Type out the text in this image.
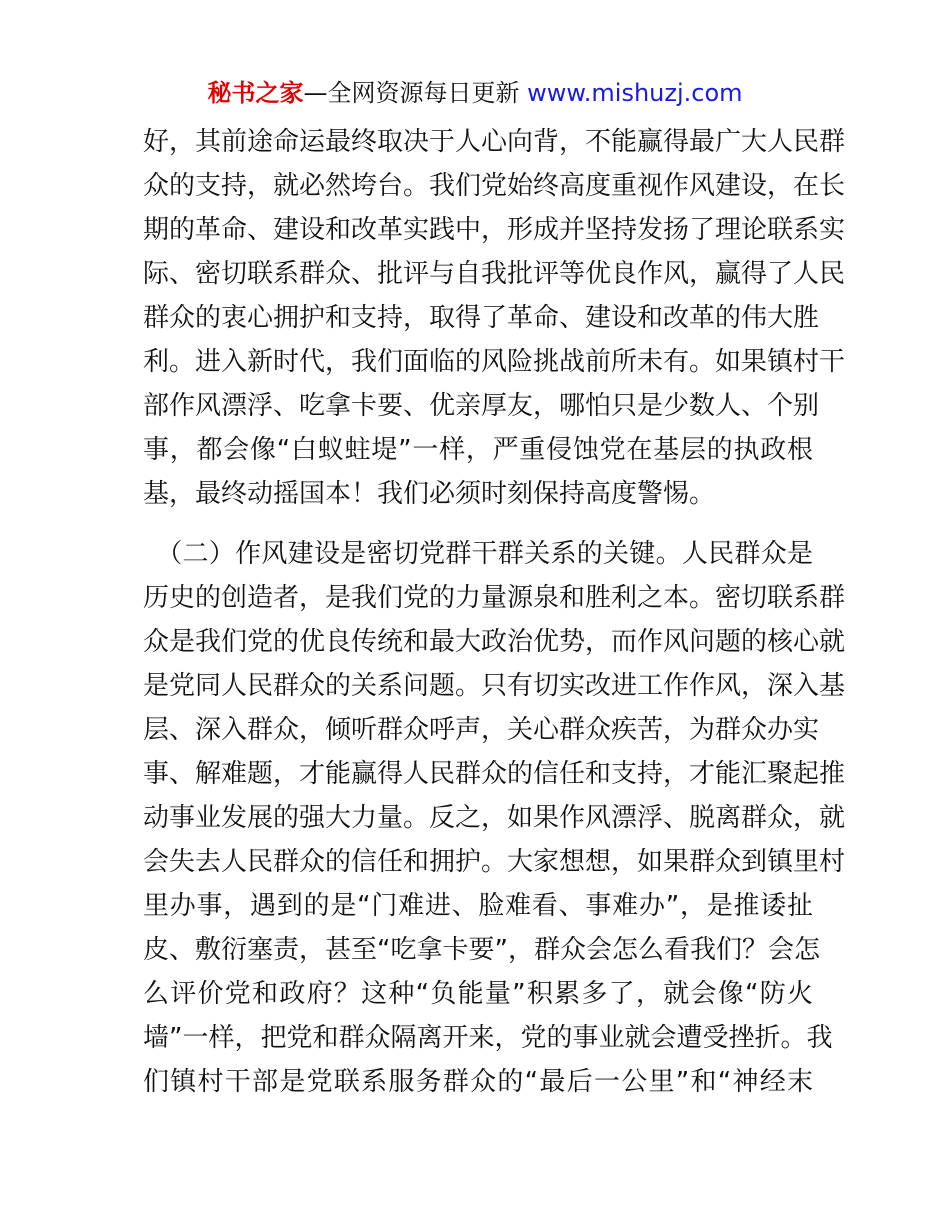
秘书之家—全网资源每日更新 www.mishuzj.com
好，其前途命运最终取决于人心向背，不能赢得最广大人民群
众的支持，就必然垮台。我们党始终高度重视作风建设，在长
期的革命、建设和改革实践中，形成并坚持发扬了理论联系实
际、密切联系群众、批评与自我批评等优良作风，赢得了人民
群众的衷心拥护和支持，取得了革命、建设和改革的伟大胜
利。进入新时代，我们面临的风险挑战前所未有。如果镇村干
部作风漂浮、吃拿卡要、优亲厚友，哪怕只是少数人、个别
事，都会像“白蚁蛀堤”一样，严重侵蚀党在基层的执政根
基，最终动摇国本！我们必须时刻保持高度警惕。
　（二）作风建设是密切党群干群关系的关键。人民群众是
历史的创造者，是我们党的力量源泉和胜利之本。密切联系群
众是我们党的优良传统和最大政治优势，而作风问题的核心就
是党同人民群众的关系问题。只有切实改进工作作风，深入基
层、深入群众，倾听群众呼声，关心群众疾苦，为群众办实
事、解难题，才能赢得人民群众的信任和支持，才能汇聚起推
动事业发展的强大力量。反之，如果作风漂浮、脱离群众，就
会失去人民群众的信任和拥护。大家想想，如果群众到镇里村
里办事，遇到的是“门难进、脸难看、事难办”，是推诿扯
皮、敷衍塞责，甚至“吃拿卡要”，群众会怎么看我们？会怎
么评价党和政府？这种“负能量”积累多了，就会像“防火
墙”一样，把党和群众隔离开来，党的事业就会遭受挫折。我
们镇村干部是党联系服务群众的“最后一公里”和“神经末
